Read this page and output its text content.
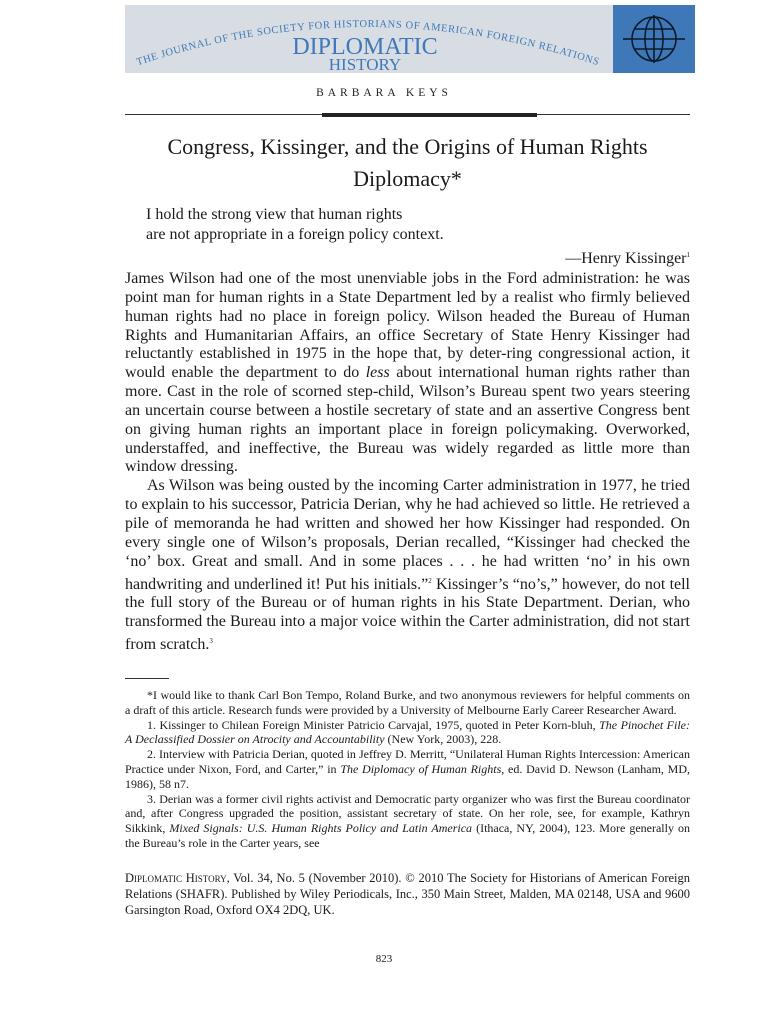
THE JOURNAL OF THE SOCIETY FOR HISTORIANS OF AMERICAN FOREIGN RELATIONS
DIPLOMATIC
HISTORY
BARBARA KEYS
Congress, Kissinger, and the Origins of Human Rights Diplomacy*
I hold the strong view that human rights
are not appropriate in a foreign policy context.
—Henry Kissinger$^1$

James Wilson had one of the most unenviable jobs in the Ford administration: he was point man for human rights in a State Department led by a realist who firmly believed human rights had no place in foreign policy. Wilson headed the Bureau of Human Rights and Humanitarian Affairs, an office Secretary of State Henry Kissinger had reluctantly established in 1975 in the hope that, by deter-ring congressional action, it would enable the department to do less about international human rights rather than more. Cast in the role of scorned step-child, Wilson’s Bureau spent two years steering an uncertain course between a hostile secretary of state and an assertive Congress bent on giving human rights an important place in foreign policymaking. Overworked, understaffed, and ineffective, the Bureau was widely regarded as little more than window dressing.

As Wilson was being ousted by the incoming Carter administration in 1977, he tried to explain to his successor, Patricia Derian, why he had achieved so little. He retrieved a pile of memoranda he had written and showed her how Kissinger had responded. On every single one of Wilson’s proposals, Derian recalled, “Kissinger had checked the ‘no’ box. Great and small. And in some places . . . he had written ‘no’ in his own handwriting and underlined it! Put his initials.”$^2$ Kissinger’s “no’s,” however, do not tell the full story of the Bureau or of human rights in his State Department. Derian, who transformed the Bureau into a major voice within the Carter administration, did not start from scratch.$^3$

*I would like to thank Carl Bon Tempo, Roland Burke, and two anonymous reviewers for helpful comments on a draft of this article. Research funds were provided by a University of Melbourne Early Career Researcher Award.

1. Kissinger to Chilean Foreign Minister Patricio Carvajal, 1975, quoted in Peter Korn-bluh, The Pinochet File: A Declassified Dossier on Atrocity and Accountability (New York, 2003), 228.

2. Interview with Patricia Derian, quoted in Jeffrey D. Merritt, “Unilateral Human Rights Intercession: American Practice under Nixon, Ford, and Carter,” in The Diplomacy of Human Rights, ed. David D. Newson (Lanham, MD, 1986), 58 n7.

3. Derian was a former civil rights activist and Democratic party organizer who was first the Bureau coordinator and, after Congress upgraded the position, assistant secretary of state. On her role, see, for example, Kathryn Sikkink, Mixed Signals: U.S. Human Rights Policy and Latin America (Ithaca, NY, 2004), 123. More generally on the Bureau’s role in the Carter years, see

Diplomatic History, Vol. 34, No. 5 (November 2010). © 2010 The Society for Historians of American Foreign Relations (SHAFR). Published by Wiley Periodicals, Inc., 350 Main Street, Malden, MA 02148, USA and 9600 Garsington Road, Oxford OX4 2DQ, UK.
823
